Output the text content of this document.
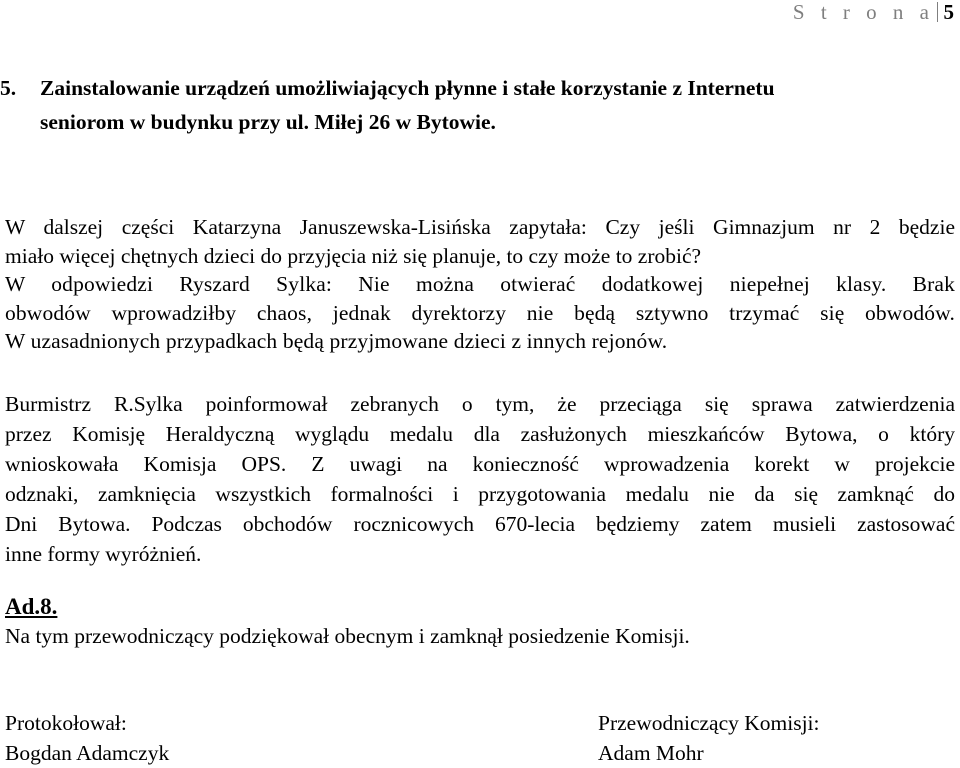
S t r o n a 5
5. Zainstalowanie urządzeń umożliwiających płynne i stałe korzystanie z Internetu
seniorom w budynku przy ul. Miłej 26 w Bytowie.
W dalszej części Katarzyna Januszewska-Lisińska zapytała: Czy jeśli Gimnazjum nr 2 będzie
miało więcej chętnych dzieci do przyjęcia niż się planuje, to czy może to zrobić?
W odpowiedzi Ryszard Sylka: Nie można otwierać dodatkowej niepełnej klasy. Brak
obwodów wprowadziłby chaos, jednak dyrektorzy nie będą sztywno trzymać się obwodów.
W uzasadnionych przypadkach będą przyjmowane dzieci z innych rejonów.
Burmistrz R.Sylka poinformował zebranych o tym, że przeciąga się sprawa zatwierdzenia
przez Komisję Heraldyczną wyglądu medalu dla zasłużonych mieszkańców Bytowa, o który
wnioskowała Komisja OPS. Z uwagi na konieczność wprowadzenia korekt w projekcie
odznaki, zamknięcia wszystkich formalności i przygotowania medalu nie da się zamknąć do
Dni Bytowa. Podczas obchodów rocznicowych 670-lecia będziemy zatem musieli zastosować
inne formy wyróżnień.
Ad.8.
Na tym przewodniczący podziękował obecnym i zamknął posiedzenie Komisji.
Protokołował:
Bogdan Adamczyk
Przewodniczący Komisji:
Adam Mohr
